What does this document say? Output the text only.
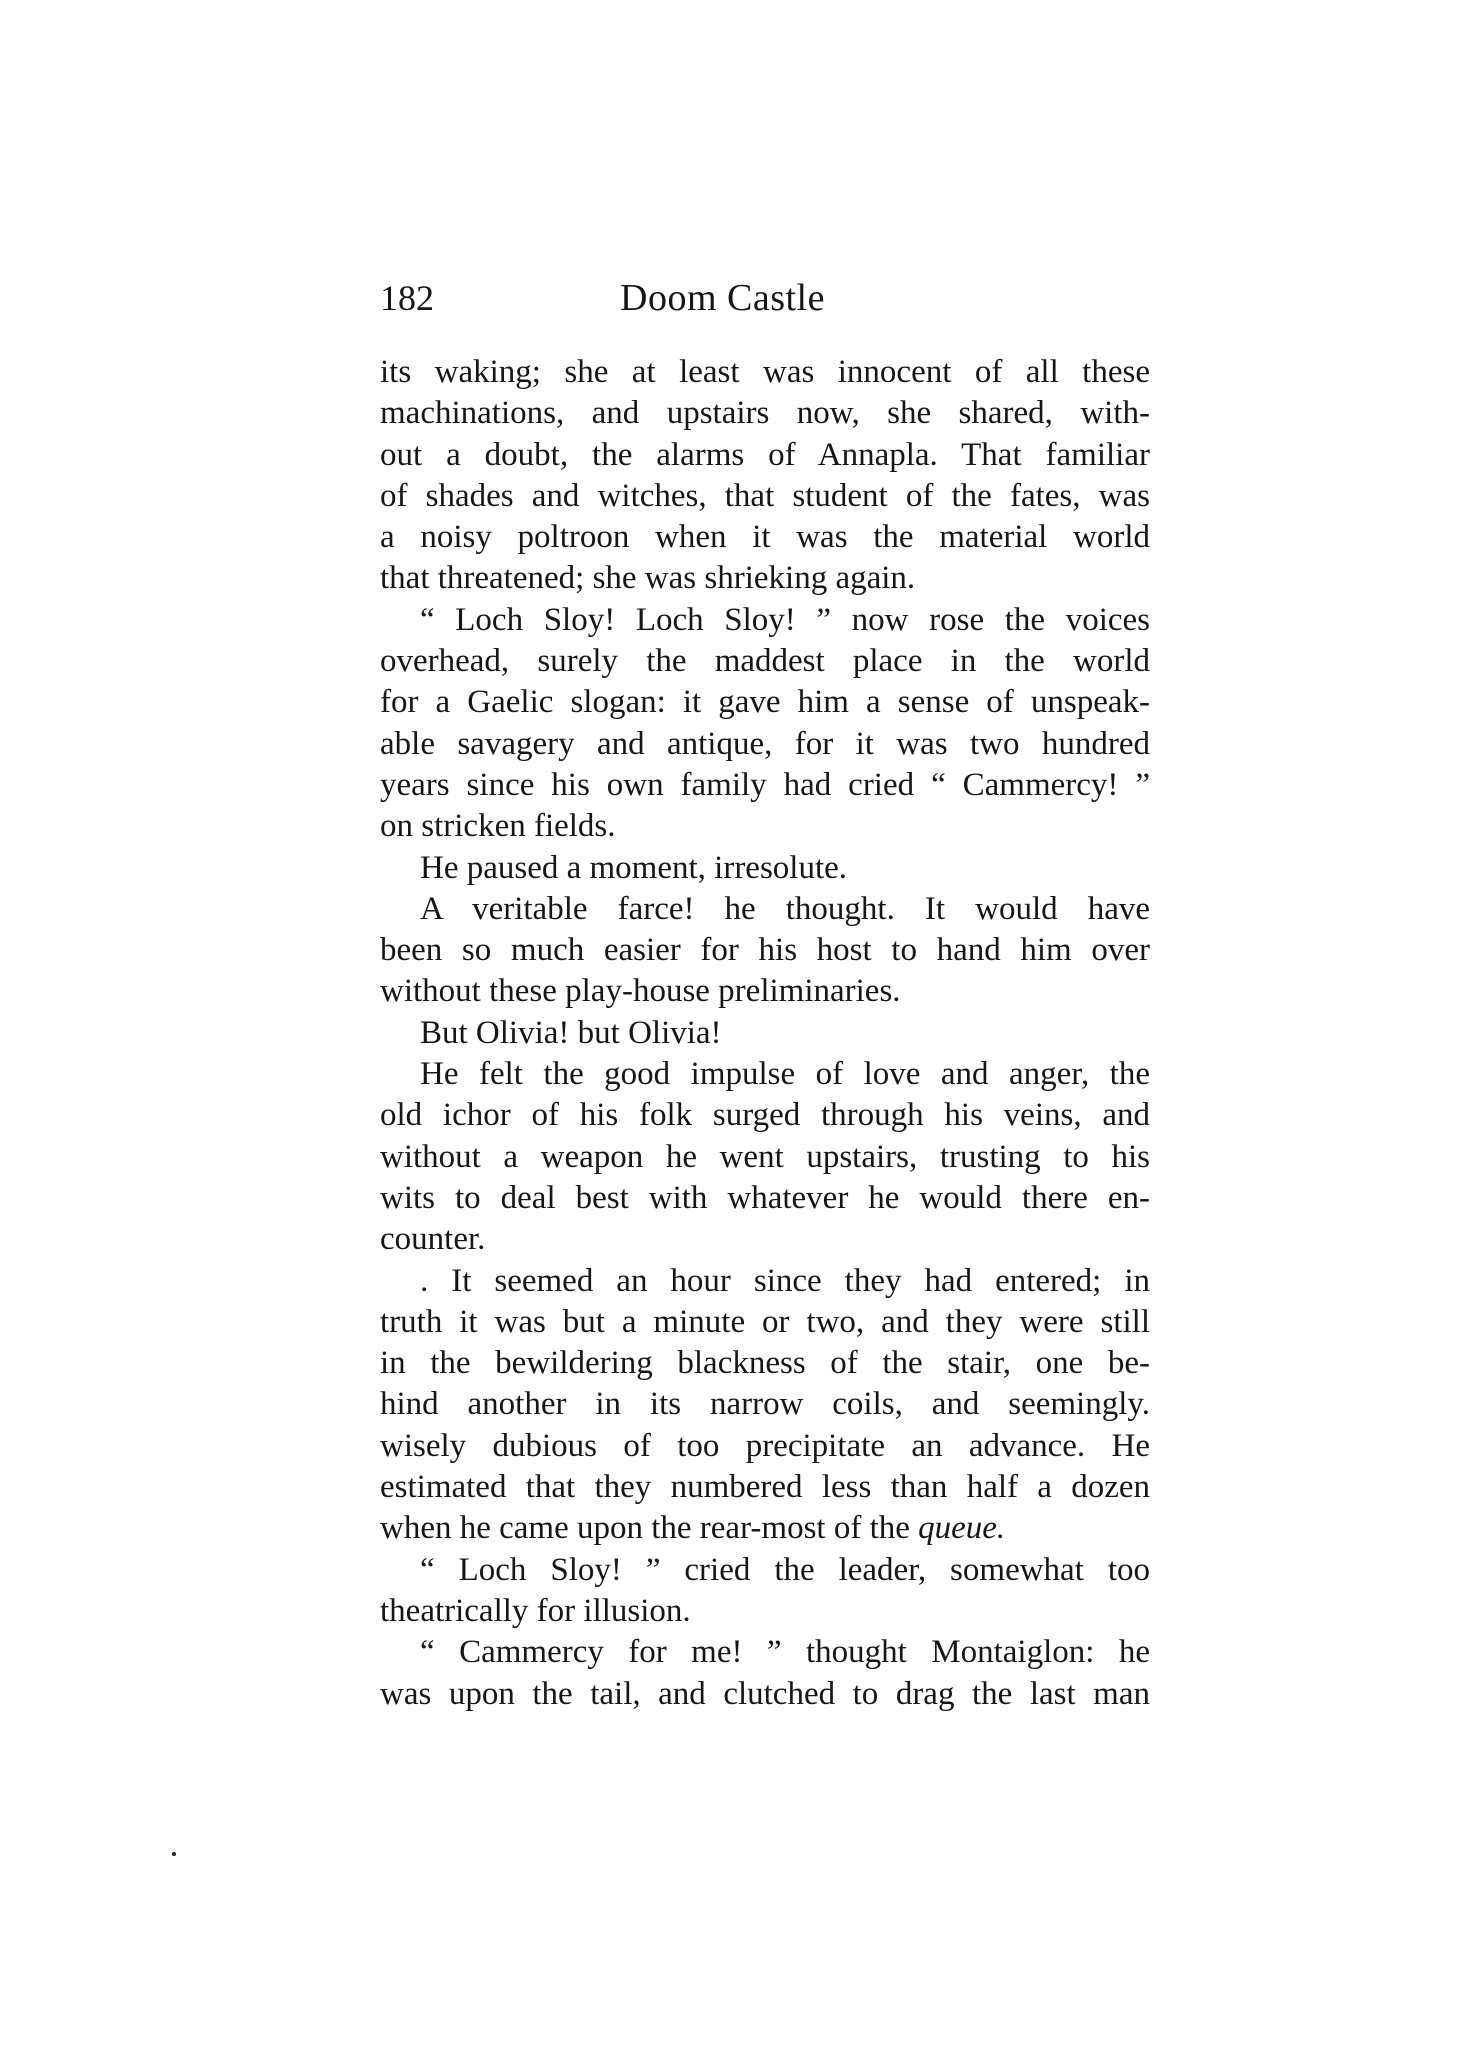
182	Doom Castle
its waking; she at least was innocent of all these
machinations, and upstairs now, she shared, with-
out a doubt, the alarms of Annapla. That familiar
of shades and witches, that student of the fates, was
a noisy poltroon when it was the material world
that threatened; she was shrieking again.
“ Loch Sloy! Loch Sloy! ” now rose the voices
overhead, surely the maddest place in the world
for a Gaelic slogan: it gave him a sense of unspeak-
able savagery and antique, for it was two hundred
years since his own family had cried “ Cammercy! ”
on stricken fields.
He paused a moment, irresolute.
A veritable farce! he thought. It would have
been so much easier for his host to hand him over
without these play-house preliminaries.
But Olivia! but Olivia!
He felt the good impulse of love and anger, the
old ichor of his folk surged through his veins, and
without a weapon he went upstairs, trusting to his
wits to deal best with whatever he would there en-
counter.
. It seemed an hour since they had entered; in
truth it was but a minute or two, and they were still
in the bewildering blackness of the stair, one be-
hind another in its narrow coils, and seemingly.
wisely dubious of too precipitate an advance. He
estimated that they numbered less than half a dozen
when he came upon the rear-most of the queue.
“ Loch Sloy! ” cried the leader, somewhat too
theatrically for illusion.
“ Cammercy for me! ” thought Montaiglon: he
was upon the tail, and clutched to drag the last man
